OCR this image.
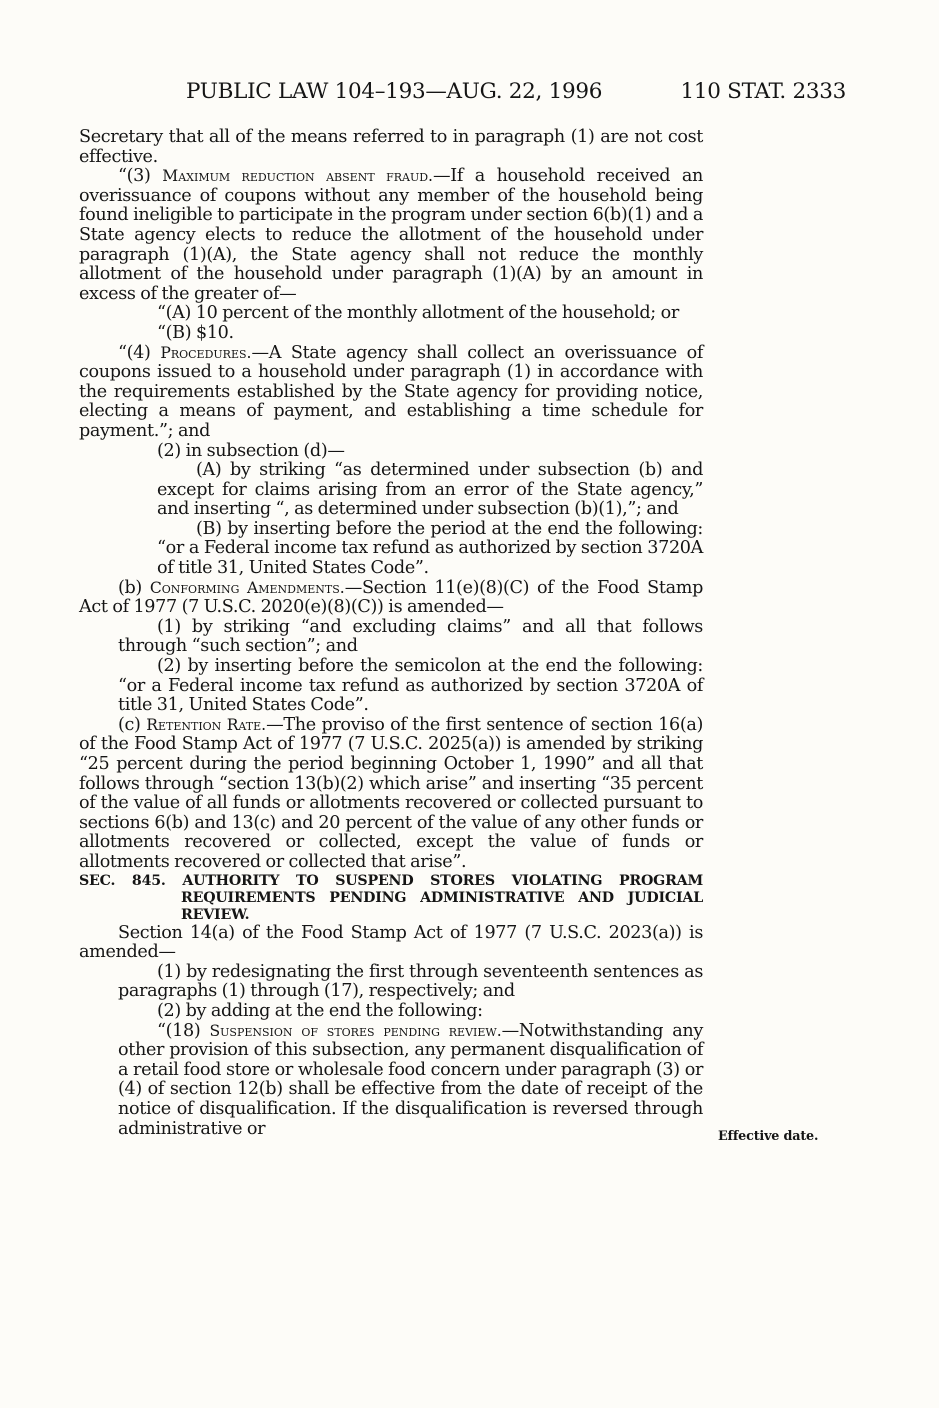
PUBLIC LAW 104–193—AUG. 22, 1996	110 STAT. 2333

Secretary that all of the means referred to in paragraph (1) are not cost effective.

“(3) Maximum reduction absent fraud.—If a household received an overissuance of coupons without any member of the household being found ineligible to participate in the program under section 6(b)(1) and a State agency elects to reduce the allotment of the household under paragraph (1)(A), the State agency shall not reduce the monthly allotment of the household under paragraph (1)(A) by an amount in excess of the greater of—

“(A) 10 percent of the monthly allotment of the household; or

“(B) $10.

“(4) Procedures.—A State agency shall collect an overissuance of coupons issued to a household under paragraph (1) in accordance with the requirements established by the State agency for providing notice, electing a means of payment, and establishing a time schedule for payment.”; and

(2) in subsection (d)—

(A) by striking “as determined under subsection (b) and except for claims arising from an error of the State agency,” and inserting “, as determined under subsection (b)(1),”; and

(B) by inserting before the period at the end the following: “or a Federal income tax refund as authorized by section 3720A of title 31, United States Code”.

(b) Conforming Amendments.—Section 11(e)(8)(C) of the Food Stamp Act of 1977 (7 U.S.C. 2020(e)(8)(C)) is amended—

(1) by striking “and excluding claims” and all that follows through “such section”; and

(2) by inserting before the semicolon at the end the following: “or a Federal income tax refund as authorized by section 3720A of title 31, United States Code”.

(c) Retention Rate.—The proviso of the first sentence of section 16(a) of the Food Stamp Act of 1977 (7 U.S.C. 2025(a)) is amended by striking “25 percent during the period beginning October 1, 1990” and all that follows through “section 13(b)(2) which arise” and inserting “35 percent of the value of all funds or allotments recovered or collected pursuant to sections 6(b) and 13(c) and 20 percent of the value of any other funds or allotments recovered or collected, except the value of funds or allotments recovered or collected that arise”.

SEC. 845. AUTHORITY TO SUSPEND STORES VIOLATING PROGRAM REQUIREMENTS PENDING ADMINISTRATIVE AND JUDICIAL REVIEW.

Section 14(a) of the Food Stamp Act of 1977 (7 U.S.C. 2023(a)) is amended—

(1) by redesignating the first through seventeenth sentences as paragraphs (1) through (17), respectively; and

(2) by adding at the end the following:

“(18) Suspension of stores pending review.—Notwithstanding any other provision of this subsection, any permanent disqualification of a retail food store or wholesale food concern under paragraph (3) or (4) of section 12(b) shall be effective from the date of receipt of the notice of disqualification. If the disqualification is reversed through administrative or	Effective date.
